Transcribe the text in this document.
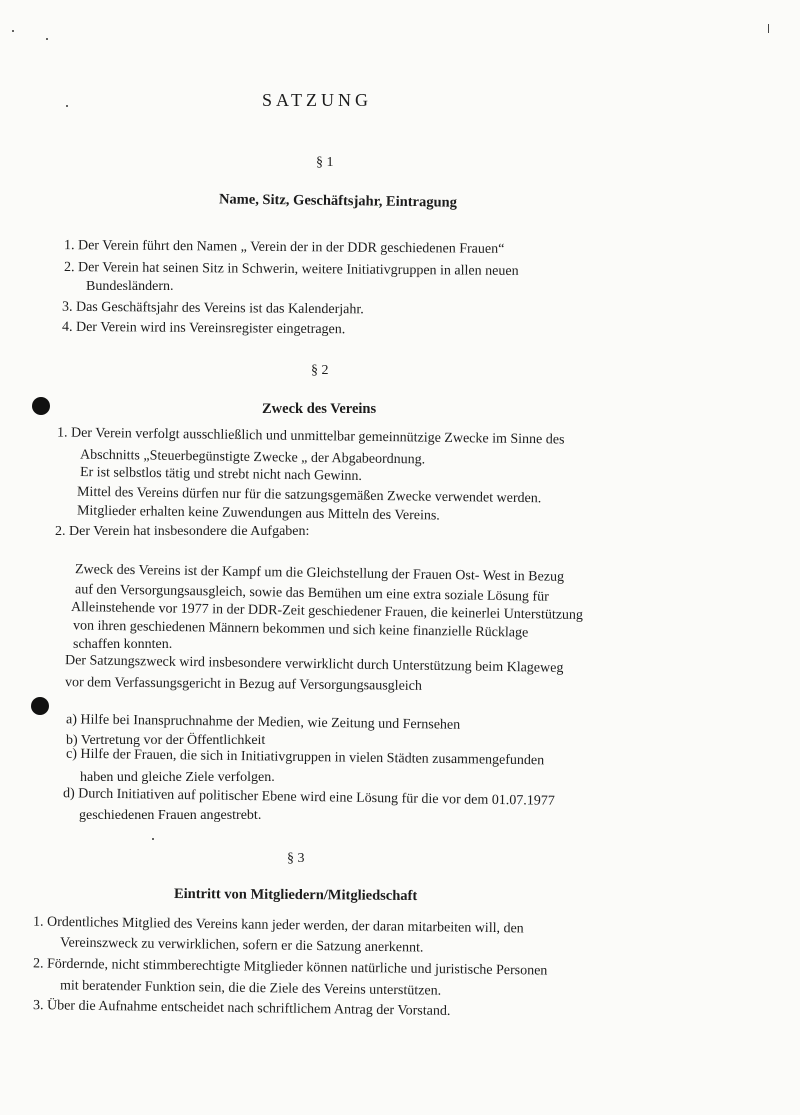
SATZUNG
§ 1
Name, Sitz, Geschäftsjahr, Eintragung
1. Der Verein führt den Namen „ Verein der in der DDR geschiedenen Frauen“
2. Der Verein hat seinen Sitz in Schwerin, weitere Initiativgruppen in allen neuen
Bundesländern.
3. Das Geschäftsjahr des Vereins ist das Kalenderjahr.
4. Der Verein wird ins Vereinsregister eingetragen.
§ 2
Zweck des Vereins
1. Der Verein verfolgt ausschließlich und unmittelbar gemeinnützige Zwecke im Sinne des
Abschnitts „Steuerbegünstigte Zwecke „ der Abgabeordnung.
Er ist selbstlos tätig und strebt nicht nach Gewinn.
Mittel des Vereins dürfen nur für die satzungsgemäßen Zwecke verwendet werden.
Mitglieder erhalten keine Zuwendungen aus Mitteln des Vereins.
2. Der Verein hat insbesondere die Aufgaben:
Zweck des Vereins ist der Kampf um die Gleichstellung der Frauen Ost- West in Bezug
auf den Versorgungsausgleich, sowie das Bemühen um eine extra soziale Lösung für
Alleinstehende vor 1977 in der DDR-Zeit geschiedener Frauen, die keinerlei Unterstützung
von ihren geschiedenen Männern bekommen und sich keine finanzielle Rücklage
schaffen konnten.
Der Satzungszweck wird insbesondere verwirklicht durch Unterstützung beim Klageweg
vor dem Verfassungsgericht in Bezug auf Versorgungsausgleich
a) Hilfe bei Inanspruchnahme der Medien, wie Zeitung und Fernsehen
b) Vertretung vor der Öffentlichkeit
c) Hilfe der Frauen, die sich in Initiativgruppen in vielen Städten zusammengefunden
haben und gleiche Ziele verfolgen.
d) Durch Initiativen auf politischer Ebene wird eine Lösung für die vor dem 01.07.1977
geschiedenen Frauen angestrebt.
§ 3
Eintritt von Mitgliedern/Mitgliedschaft
1. Ordentliches Mitglied des Vereins kann jeder werden, der daran mitarbeiten will, den
Vereinszweck zu verwirklichen, sofern er die Satzung anerkennt.
2. Fördernde, nicht stimmberechtigte Mitglieder können natürliche und juristische Personen
mit beratender Funktion sein, die die Ziele des Vereins unterstützen.
3. Über die Aufnahme entscheidet nach schriftlichem Antrag der Vorstand.
